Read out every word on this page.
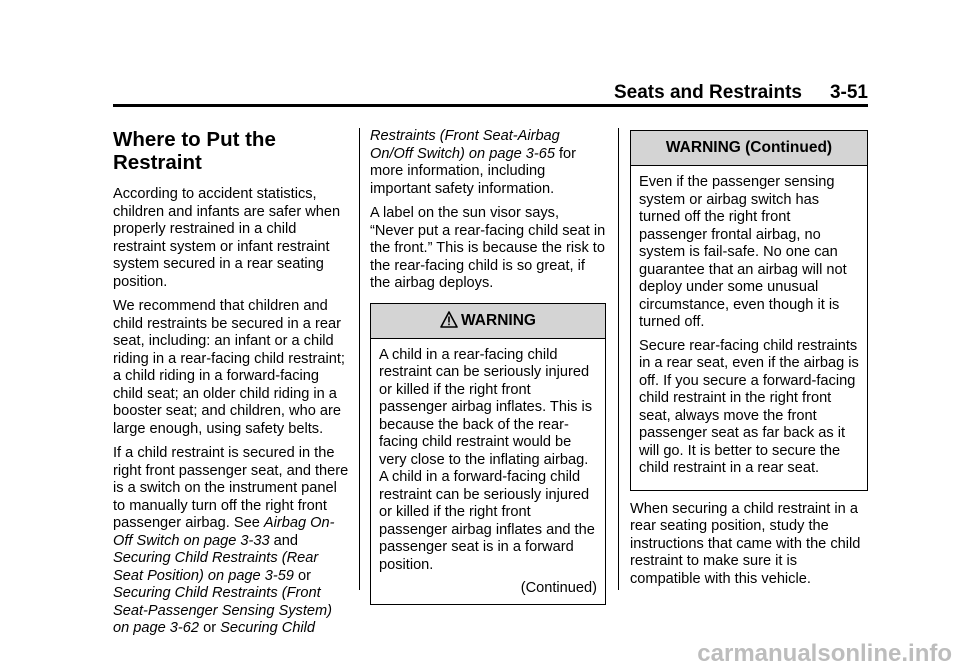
Seats and Restraints 3-51
Where to Put the Restraint

According to accident statistics, children and infants are safer when properly restrained in a child restraint system or infant restraint system secured in a rear seating position.

We recommend that children and child restraints be secured in a rear seat, including: an infant or a child riding in a rear-facing child restraint; a child riding in a forward-facing child seat; an older child riding in a booster seat; and children, who are large enough, using safety belts.

If a child restraint is secured in the right front passenger seat, and there is a switch on the instrument panel to manually turn off the right front passenger airbag. See Airbag On-Off Switch on page 3-33 and Securing Child Restraints (Rear Seat Position) on page 3-59 or Securing Child Restraints (Front Seat-Passenger Sensing System) on page 3-62 or Securing Child

Restraints (Front Seat-Airbag On/Off Switch) on page 3-65 for more information, including important safety information.

A label on the sun visor says, “Never put a rear-facing child seat in the front.” This is because the risk to the rear-facing child is so great, if the airbag deploys.

WARNING

A child in a rear-facing child restraint can be seriously injured or killed if the right front passenger airbag inflates. This is because the back of the rear-facing child restraint would be very close to the inflating airbag. A child in a forward-facing child restraint can be seriously injured or killed if the right front passenger airbag inflates and the passenger seat is in a forward position.

(Continued)
WARNING (Continued)

Even if the passenger sensing system or airbag switch has turned off the right front passenger frontal airbag, no system is fail-safe. No one can guarantee that an airbag will not deploy under some unusual circumstance, even though it is turned off.

Secure rear-facing child restraints in a rear seat, even if the airbag is off. If you secure a forward-facing child restraint in the right front seat, always move the front passenger seat as far back as it will go. It is better to secure the child restraint in a rear seat.

When securing a child restraint in a rear seating position, study the instructions that came with the child restraint to make sure it is compatible with this vehicle.

carmanualsonline.info
